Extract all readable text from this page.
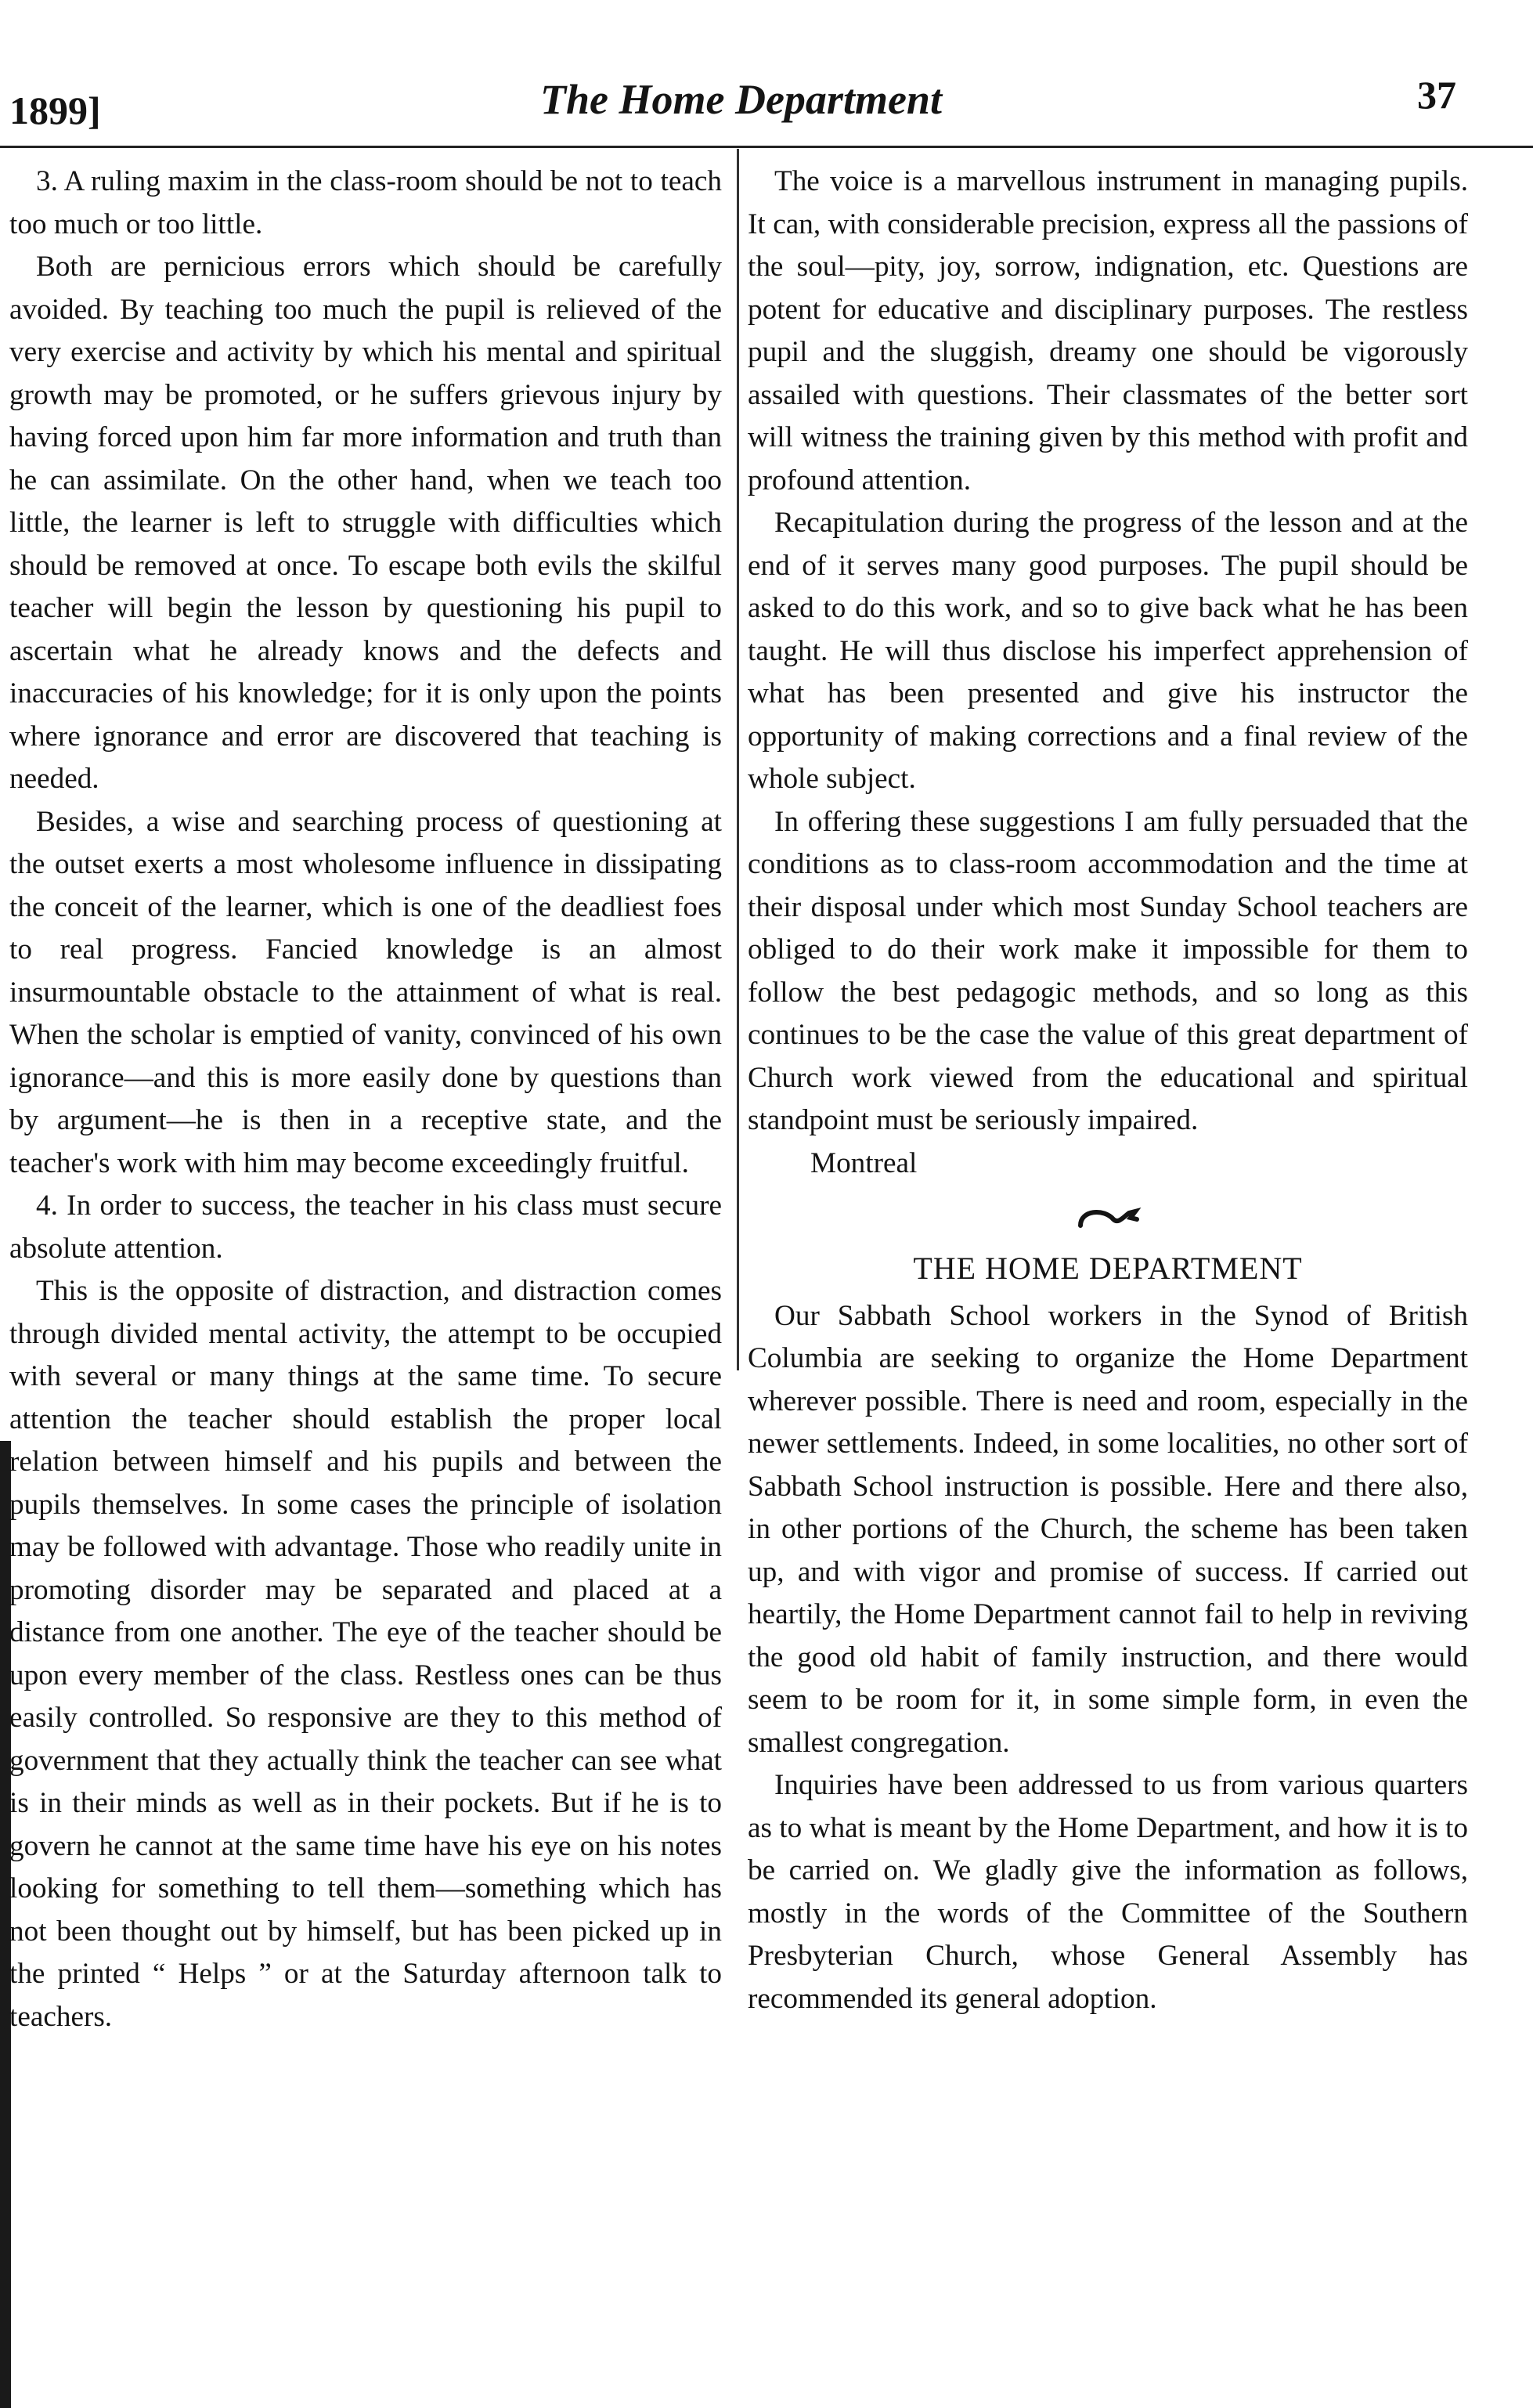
1899]	The Home Department	37

3. A ruling maxim in the class-room should be not to teach too much or too little.

Both are pernicious errors which should be carefully avoided. By teaching too much the pupil is relieved of the very exercise and activity by which his mental and spiritual growth may be promoted, or he suffers grievous injury by having forced upon him far more information and truth than he can assimilate. On the other hand, when we teach too little, the learner is left to struggle with difficulties which should be removed at once. To escape both evils the skilful teacher will begin the lesson by questioning his pupil to ascertain what he already knows and the defects and inaccuracies of his knowledge; for it is only upon the points where ignorance and error are discovered that teaching is needed.

Besides, a wise and searching process of questioning at the outset exerts a most wholesome influence in dissipating the conceit of the learner, which is one of the deadliest foes to real progress. Fancied knowledge is an almost insurmountable obstacle to the attainment of what is real. When the scholar is emptied of vanity, convinced of his own ignorance—and this is more easily done by questions than by argument—he is then in a receptive state, and the teacher's work with him may become exceedingly fruitful.

4. In order to success, the teacher in his class must secure absolute attention.

This is the opposite of distraction, and distraction comes through divided mental activity, the attempt to be occupied with several or many things at the same time. To secure attention the teacher should establish the proper local relation between himself and his pupils and between the pupils themselves. In some cases the principle of isolation may be followed with advantage. Those who readily unite in promoting disorder may be separated and placed at a distance from one another. The eye of the teacher should be upon every member of the class. Restless ones can be thus easily controlled. So responsive are they to this method of government that they actually think the teacher can see what is in their minds as well as in their pockets. But if he is to govern he cannot at the same time have his eye on his notes looking for something to tell them—something which has not been thought out by himself, but has been picked up in the printed “ Helps ” or at the Saturday afternoon talk to teachers.

The voice is a marvellous instrument in managing pupils. It can, with considerable precision, express all the passions of the soul—pity, joy, sorrow, indignation, etc. Questions are potent for educative and disciplinary purposes. The restless pupil and the sluggish, dreamy one should be vigorously assailed with questions. Their classmates of the better sort will witness the training given by this method with profit and profound attention.

Recapitulation during the progress of the lesson and at the end of it serves many good purposes. The pupil should be asked to do this work, and so to give back what he has been taught. He will thus disclose his imperfect apprehension of what has been presented and give his instructor the opportunity of making corrections and a final review of the whole subject.

In offering these suggestions I am fully persuaded that the conditions as to class-room accommodation and the time at their disposal under which most Sunday School teachers are obliged to do their work make it impossible for them to follow the best pedagogic methods, and so long as this continues to be the case the value of this great department of Church work viewed from the educational and spiritual standpoint must be seriously impaired.

Montreal

THE HOME DEPARTMENT

Our Sabbath School workers in the Synod of British Columbia are seeking to organize the Home Department wherever possible. There is need and room, especially in the newer settlements. Indeed, in some localities, no other sort of Sabbath School instruction is possible. Here and there also, in other portions of the Church, the scheme has been taken up, and with vigor and promise of success. If carried out heartily, the Home Department cannot fail to help in reviving the good old habit of family instruction, and there would seem to be room for it, in some simple form, in even the smallest congregation.

Inquiries have been addressed to us from various quarters as to what is meant by the Home Department, and how it is to be carried on. We gladly give the information as follows, mostly in the words of the Committee of the Southern Presbyterian Church, whose General Assembly has recommended its general adoption.
